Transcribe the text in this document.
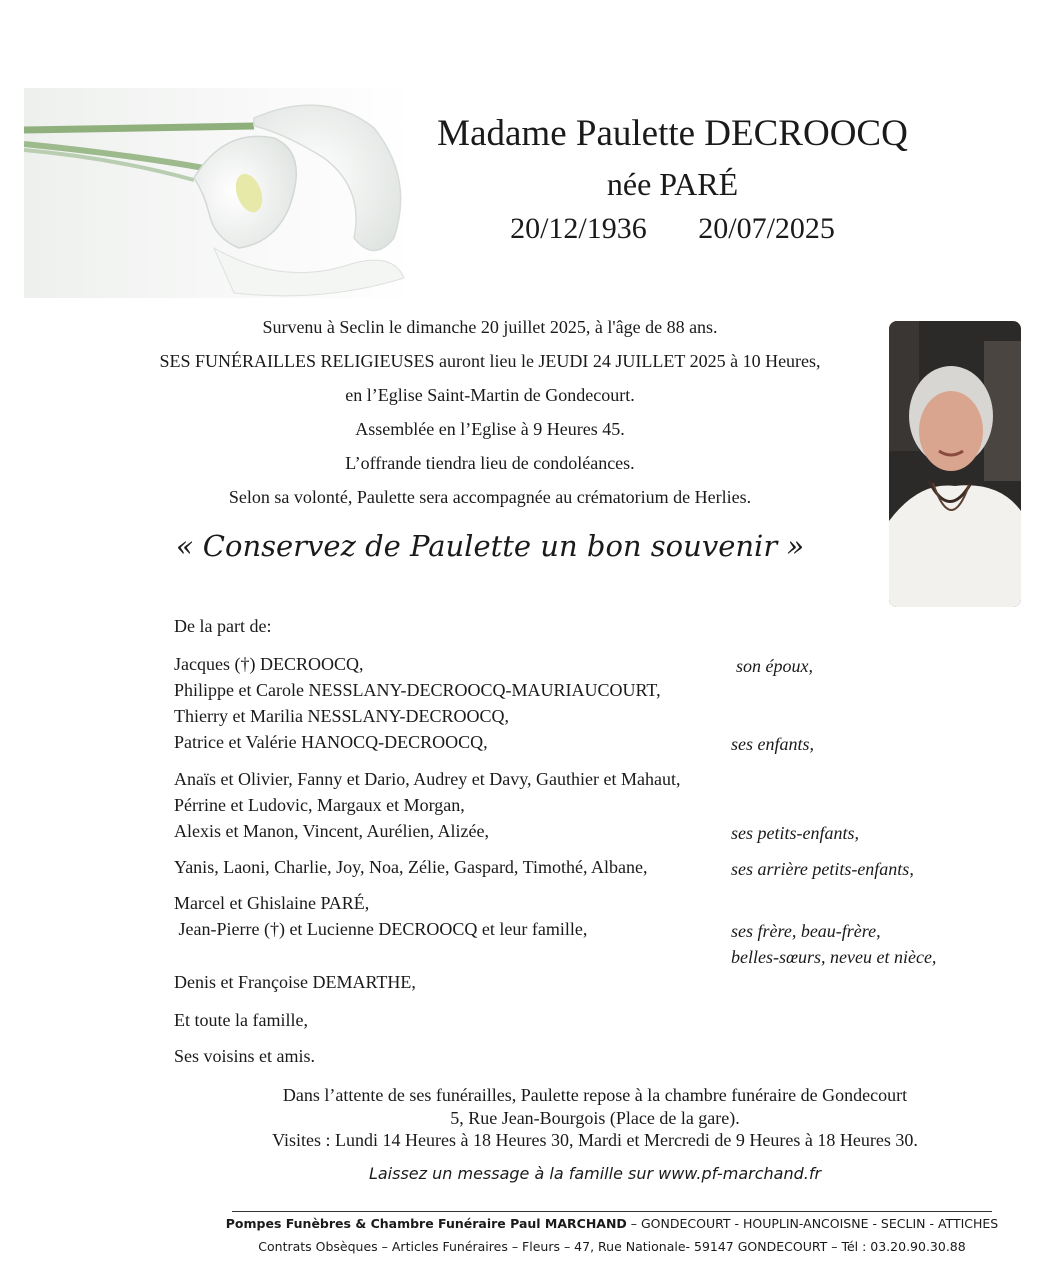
Madame Paulette DECROOCQ
née PARÉ
20/12/1936 20/07/2025
Survenu à Seclin le dimanche 20 juillet 2025, à l'âge de 88 ans.
SES FUNÉRAILLES RELIGIEUSES auront lieu le JEUDI 24 JUILLET 2025 à 10 Heures,
en l’Eglise Saint-Martin de Gondecourt.
Assemblée en l’Eglise à 9 Heures 45.
L’offrande tiendra lieu de condoléances.
Selon sa volonté, Paulette sera accompagnée au crématorium de Herlies.
« Conservez de Paulette un bon souvenir »
De la part de:
Jacques (†) DECROOCQ,
Philippe et Carole NESSLANY-DECROOCQ-MAURIAUCOURT,
Thierry et Marilia NESSLANY-DECROOCQ,
Patrice et Valérie HANOCQ-DECROOCQ,
Anaïs et Olivier, Fanny et Dario, Audrey et Davy, Gauthier et Mahaut,
Pérrine et Ludovic, Margaux et Morgan,
Alexis et Manon, Vincent, Aurélien, Alizée,
Yanis, Laoni, Charlie, Joy, Noa, Zélie, Gaspard, Timothé, Albane,
Marcel et Ghislaine PARÉ,
Jean-Pierre (†) et Lucienne DECROOCQ et leur famille,
Denis et Françoise DEMARTHE,
Et toute la famille,
Ses voisins et amis.
son époux,
ses enfants,
ses petits-enfants,
ses arrière petits-enfants,
ses frère, beau-frère,
belles-sœurs, neveu et nièce,
Dans l’attente de ses funérailles, Paulette repose à la chambre funéraire de Gondecourt
5, Rue Jean-Bourgois (Place de la gare).
Visites : Lundi 14 Heures à 18 Heures 30, Mardi et Mercredi de 9 Heures à 18 Heures 30.
Laissez un message à la famille sur www.pf-marchand.fr
Pompes Funèbres & Chambre Funéraire Paul MARCHAND – GONDECOURT - HOUPLIN-ANCOISNE - SECLIN - ATTICHES
Contrats Obsèques – Articles Funéraires – Fleurs – 47, Rue Nationale- 59147 GONDECOURT – Tél : 03.20.90.30.88
